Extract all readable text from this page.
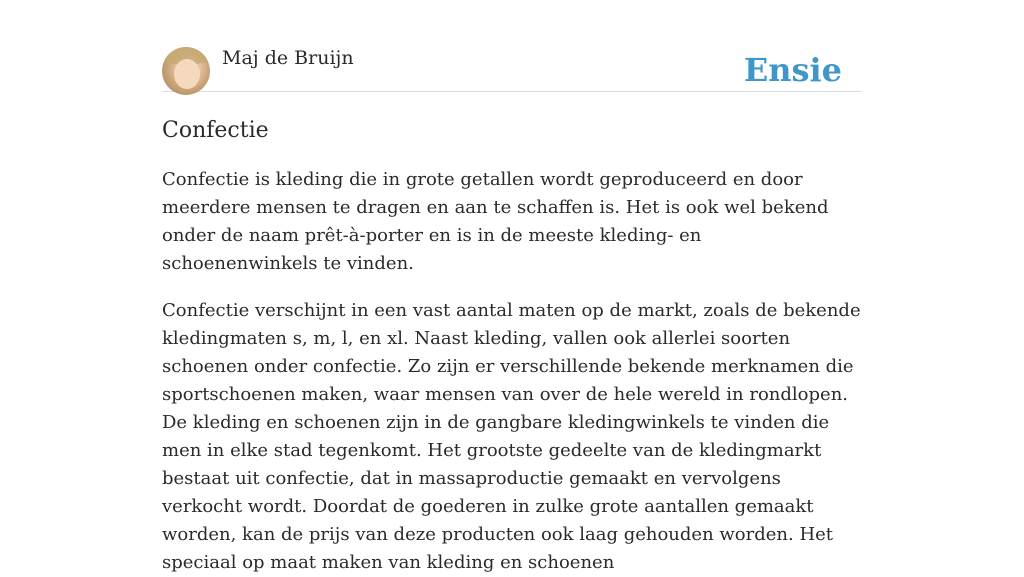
Maj de Bruijn	Ensie
Confectie

Confectie is kleding die in grote getallen wordt geproduceerd en door meerdere mensen te dragen en aan te schaffen is. Het is ook wel bekend onder de naam prêt-à-porter en is in de meeste kleding- en schoenenwinkels te vinden.

Confectie verschijnt in een vast aantal maten op de markt, zoals de bekende kledingmaten s, m, l, en xl. Naast kleding, vallen ook allerlei soorten schoenen onder confectie. Zo zijn er verschillende bekende merknamen die sportschoenen maken, waar mensen van over de hele wereld in rondlopen. De kleding en schoenen zijn in de gangbare kledingwinkels te vinden die men in elke stad tegenkomt. Het grootste gedeelte van de kledingmarkt bestaat uit confectie, dat in massaproductie gemaakt en vervolgens verkocht wordt. Doordat de goederen in zulke grote aantallen gemaakt worden, kan de prijs van deze producten ook laag gehouden worden. Het speciaal op maat maken van kleding en schoenen
